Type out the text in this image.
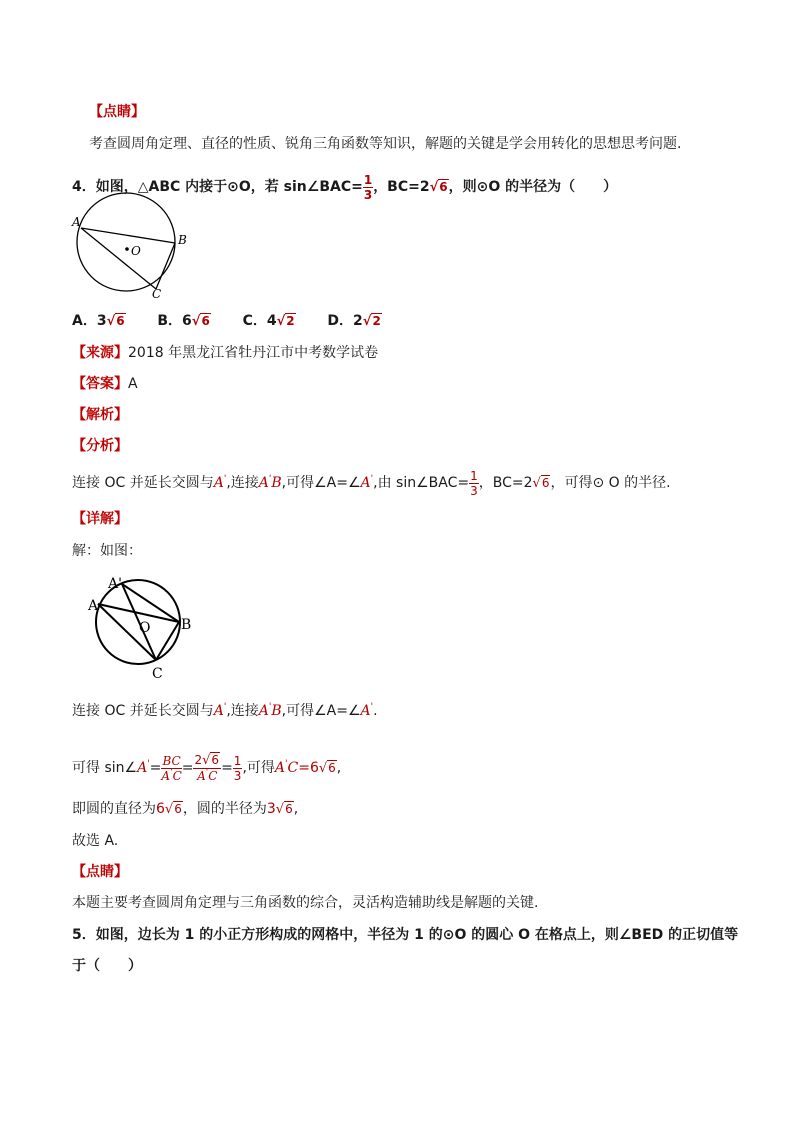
【点睛】
考查圆周角定理、直径的性质、锐角三角函数等知识，解题的关键是学会用转化的思想思考问题.
4．如图，△ABC 内接于⊙O，若 sin∠BAC= $\frac{1}{3}$ ，BC=2√6，则⊙O 的半径为（　　）
A
B
C
O
A．3√6 B．6√6 C．4√2 D．2√2
【来源】2018 年黑龙江省牡丹江市中考数学试卷
【答案】A
【解析】
【分析】
连接 OC 并延长交圆与A',连接A'B,可得∠A=∠A',由 sin∠BAC= $\frac{1}{3}$ ，BC=2√6，可得⊙ O 的半径.
【详解】
解：如图：
A
A'
B
C
O
连接 OC 并延长交圆与A',连接A'B,可得∠A=∠A'.
可得 sin∠A'= $\frac{BC}{A'C} = \frac{2√6}{A'C} = \frac{1}{3}$ ,可得A'C=6√6,
即圆的直径为6√6，圆的半径为3√6,
故选 A.
【点睛】
本题主要考查圆周角定理与三角函数的综合，灵活构造辅助线是解题的关键.
5．如图，边长为 1 的小正方形构成的网格中，半径为 1 的⊙O 的圆心 O 在格点上，则∠BED 的正切值等
于（　　）
